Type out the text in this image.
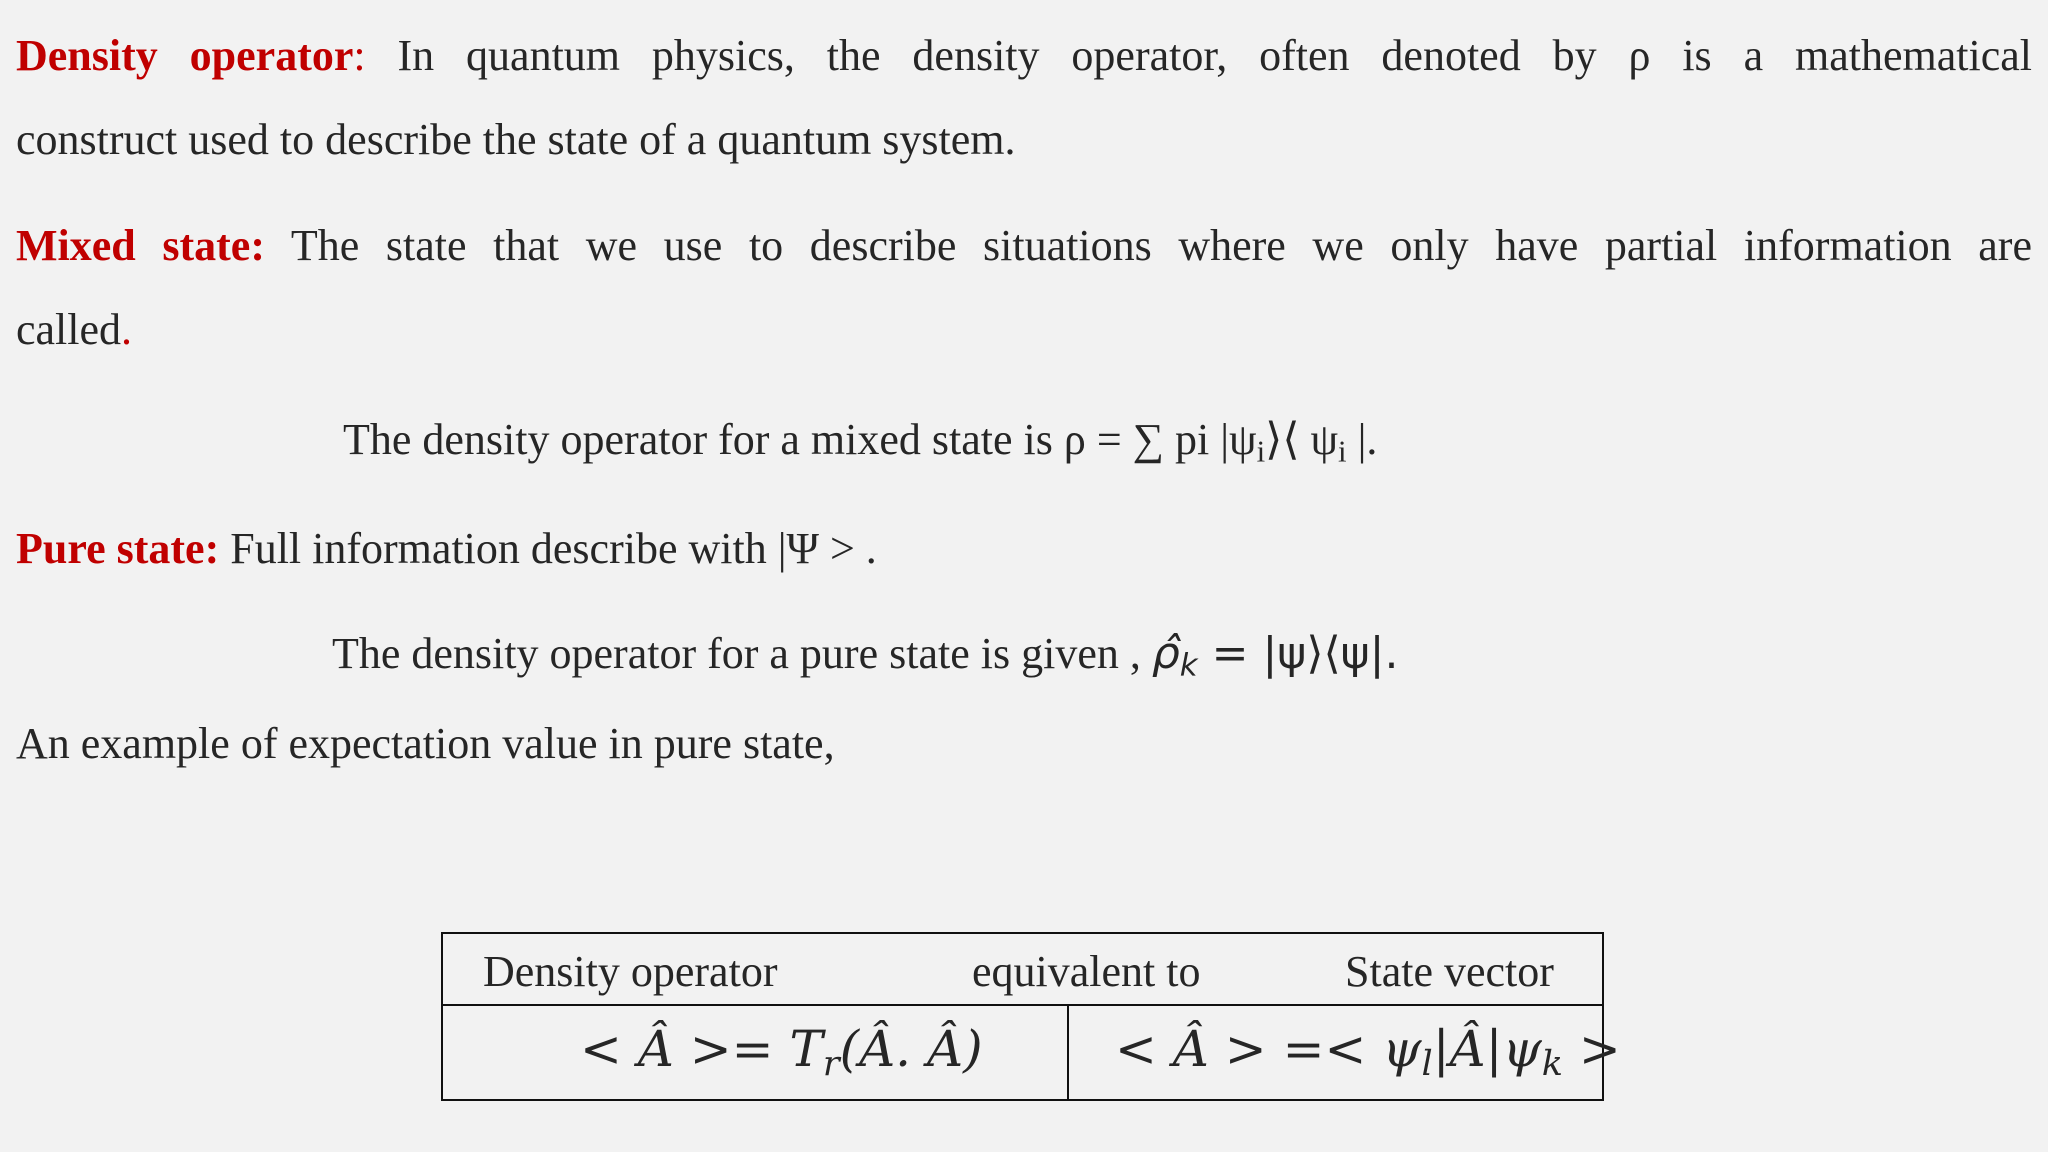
Density operator: In quantum physics, the density operator, often denoted by ρ is a mathematical
construct used to describe the state of a quantum system.
Mixed state: The state that we use to describe situations where we only have partial information are
called.
The density operator for a mixed state is ρ = ∑ pi $|\psi_i⟩⟨$ $\psi_i$ |.
Pure state: Full information describe with |Ψ > .
The density operator for a pure state is given , $\rhô_k$ = |ψ⟩⟨ψ|.
An example of expectation value in pure state,
Density operator	equivalent to	State vector
< Â >= $T_r(Â$. Â)	< Â > =< $\psi_l|Â|\psi_k$ >
